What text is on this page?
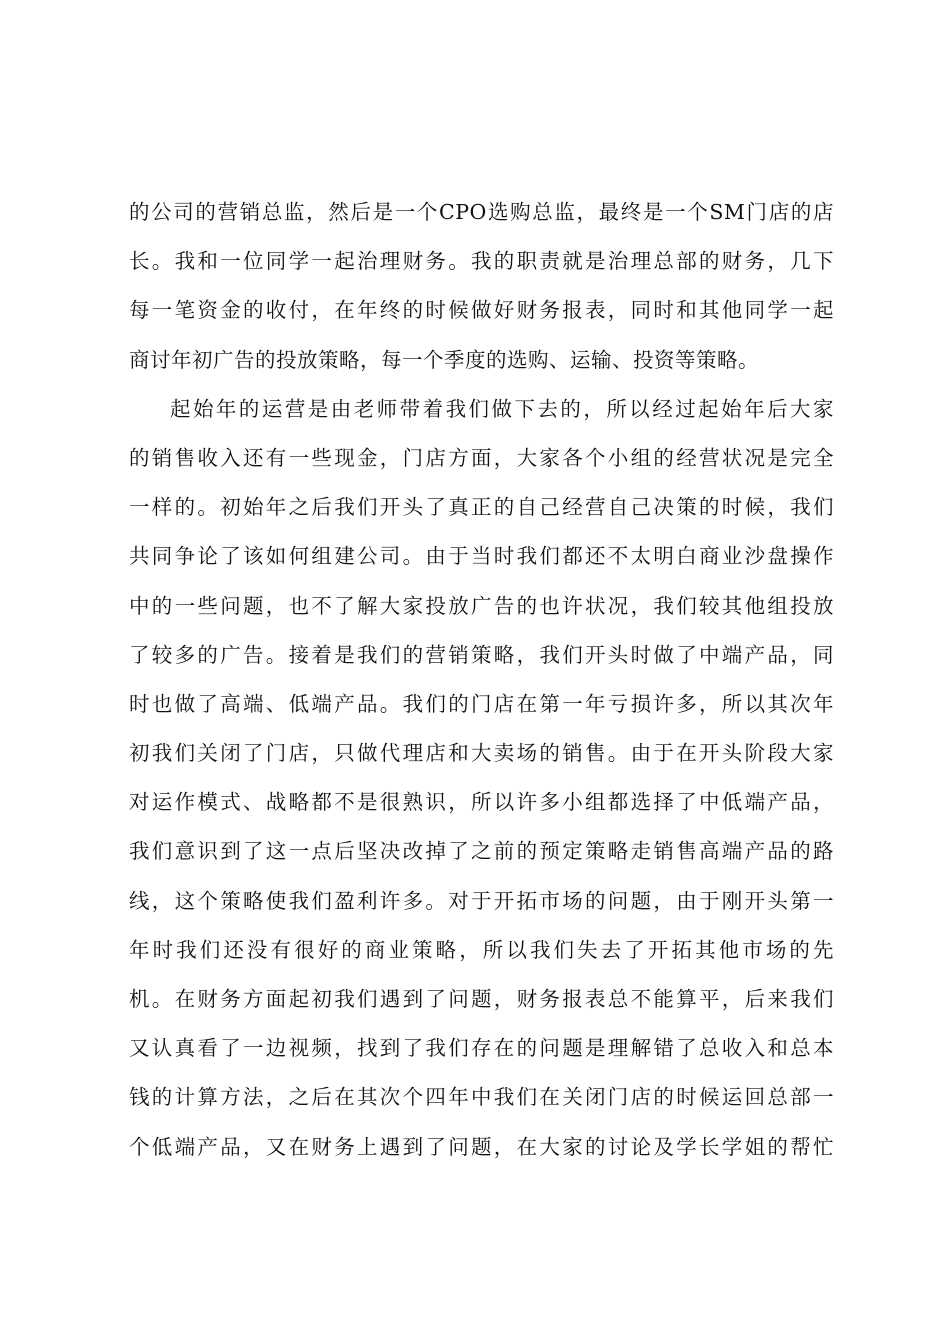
的公司的营销总监，然后是一个CPO选购总监，最终是一个SM门店的店
长。我和一位同学一起治理财务。我的职责就是治理总部的财务，几下
每一笔资金的收付，在年终的时候做好财务报表，同时和其他同学一起
商讨年初广告的投放策略，每一个季度的选购、运输、投资等策略。
起始年的运营是由老师带着我们做下去的，所以经过起始年后大家
的销售收入还有一些现金，门店方面，大家各个小组的经营状况是完全
一样的。初始年之后我们开头了真正的自己经营自己决策的时候，我们
共同争论了该如何组建公司。由于当时我们都还不太明白商业沙盘操作
中的一些问题，也不了解大家投放广告的也许状况，我们较其他组投放
了较多的广告。接着是我们的营销策略，我们开头时做了中端产品，同
时也做了高端、低端产品。我们的门店在第一年亏损许多，所以其次年
初我们关闭了门店，只做代理店和大卖场的销售。由于在开头阶段大家
对运作模式、战略都不是很熟识，所以许多小组都选择了中低端产品，
我们意识到了这一点后坚决改掉了之前的预定策略走销售高端产品的路
线，这个策略使我们盈利许多。对于开拓市场的问题，由于刚开头第一
年时我们还没有很好的商业策略，所以我们失去了开拓其他市场的先
机。在财务方面起初我们遇到了问题，财务报表总不能算平，后来我们
又认真看了一边视频，找到了我们存在的问题是理解错了总收入和总本
钱的计算方法，之后在其次个四年中我们在关闭门店的时候运回总部一
个低端产品，又在财务上遇到了问题，在大家的讨论及学长学姐的帮忙
